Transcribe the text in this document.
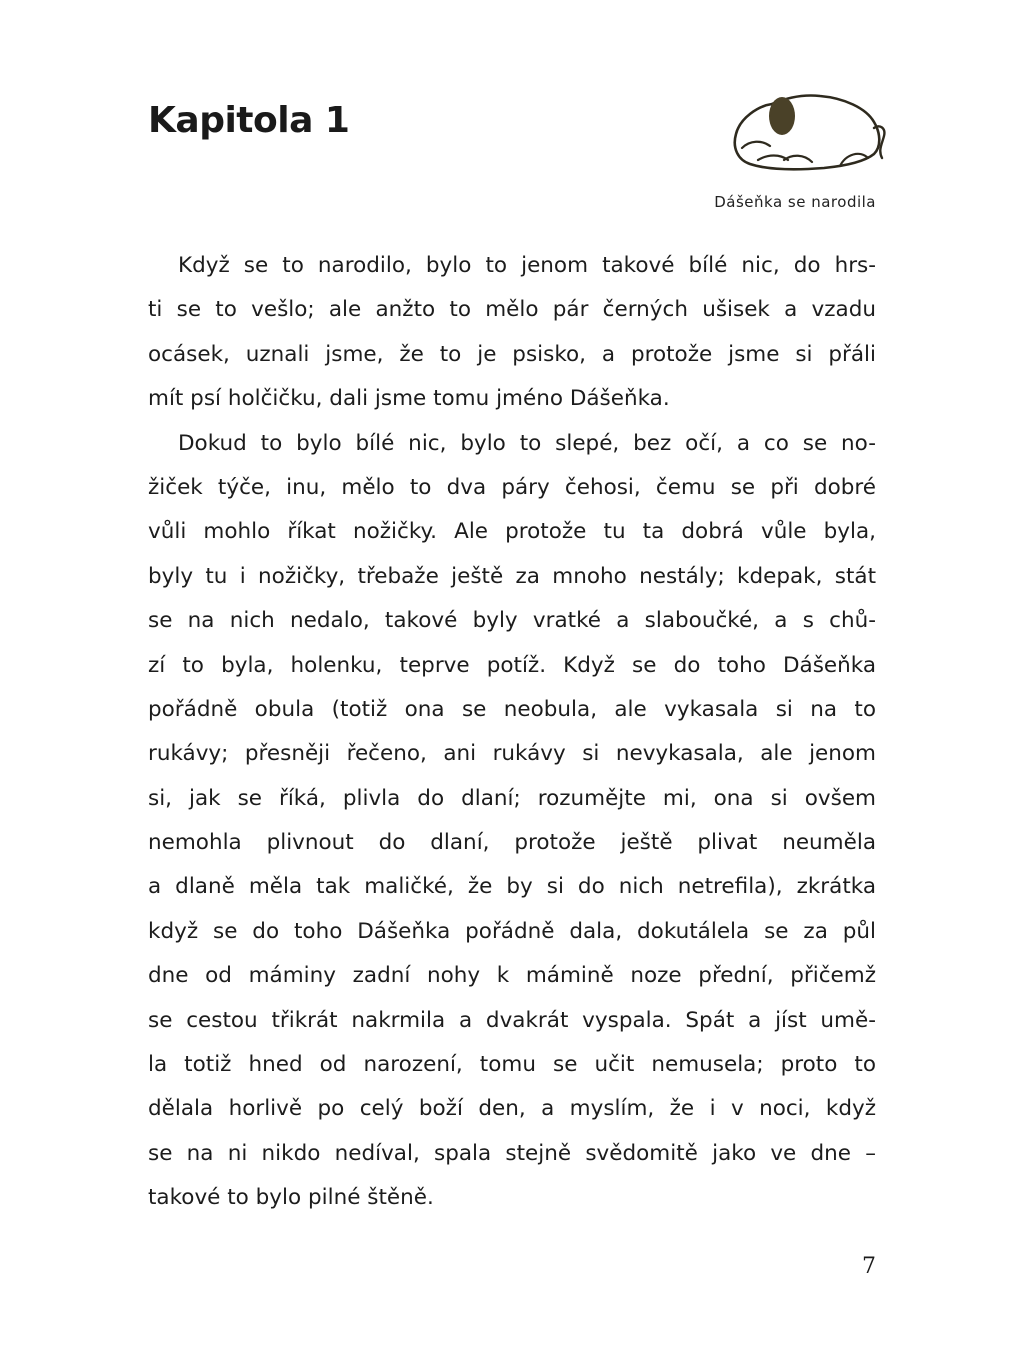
Kapitola 1
Dášeňka se narodila
Když se to narodilo, bylo to jenom takové bílé nic, do hrs-
ti se to vešlo; ale anžto to mělo pár černých ušisek a vzadu
ocásek, uznali jsme, že to je psisko, a protože jsme si přáli
mít psí holčičku, dali jsme tomu jméno Dášeňka.
Dokud to bylo bílé nic, bylo to slepé, bez očí, a co se no-
žiček týče, inu, mělo to dva páry čehosi, čemu se při dobré
vůli mohlo říkat nožičky. Ale protože tu ta dobrá vůle byla,
byly tu i nožičky, třebaže ještě za mnoho nestály; kdepak, stát
se na nich nedalo, takové byly vratké a slaboučké, a s chů-
zí to byla, holenku, teprve potíž. Když se do toho Dášeňka
pořádně obula (totiž ona se neobula, ale vykasala si na to
rukávy; přesněji řečeno, ani rukávy si nevykasala, ale jenom
si, jak se říká, plivla do dlaní; rozumějte mi, ona si ovšem
nemohla plivnout do dlaní, protože ještě plivat neuměla
a dlaně měla tak maličké, že by si do nich netrefila), zkrátka
když se do toho Dášeňka pořádně dala, dokutálela se za půl
dne od máminy zadní nohy k mámině noze přední, přičemž
se cestou třikrát nakrmila a dvakrát vyspala. Spát a jíst umě-
la totiž hned od narození, tomu se učit nemusela; proto to
dělala horlivě po celý boží den, a myslím, že i v noci, když
se na ni nikdo nedíval, spala stejně svědomitě jako ve dne –
takové to bylo pilné štěně.
7
